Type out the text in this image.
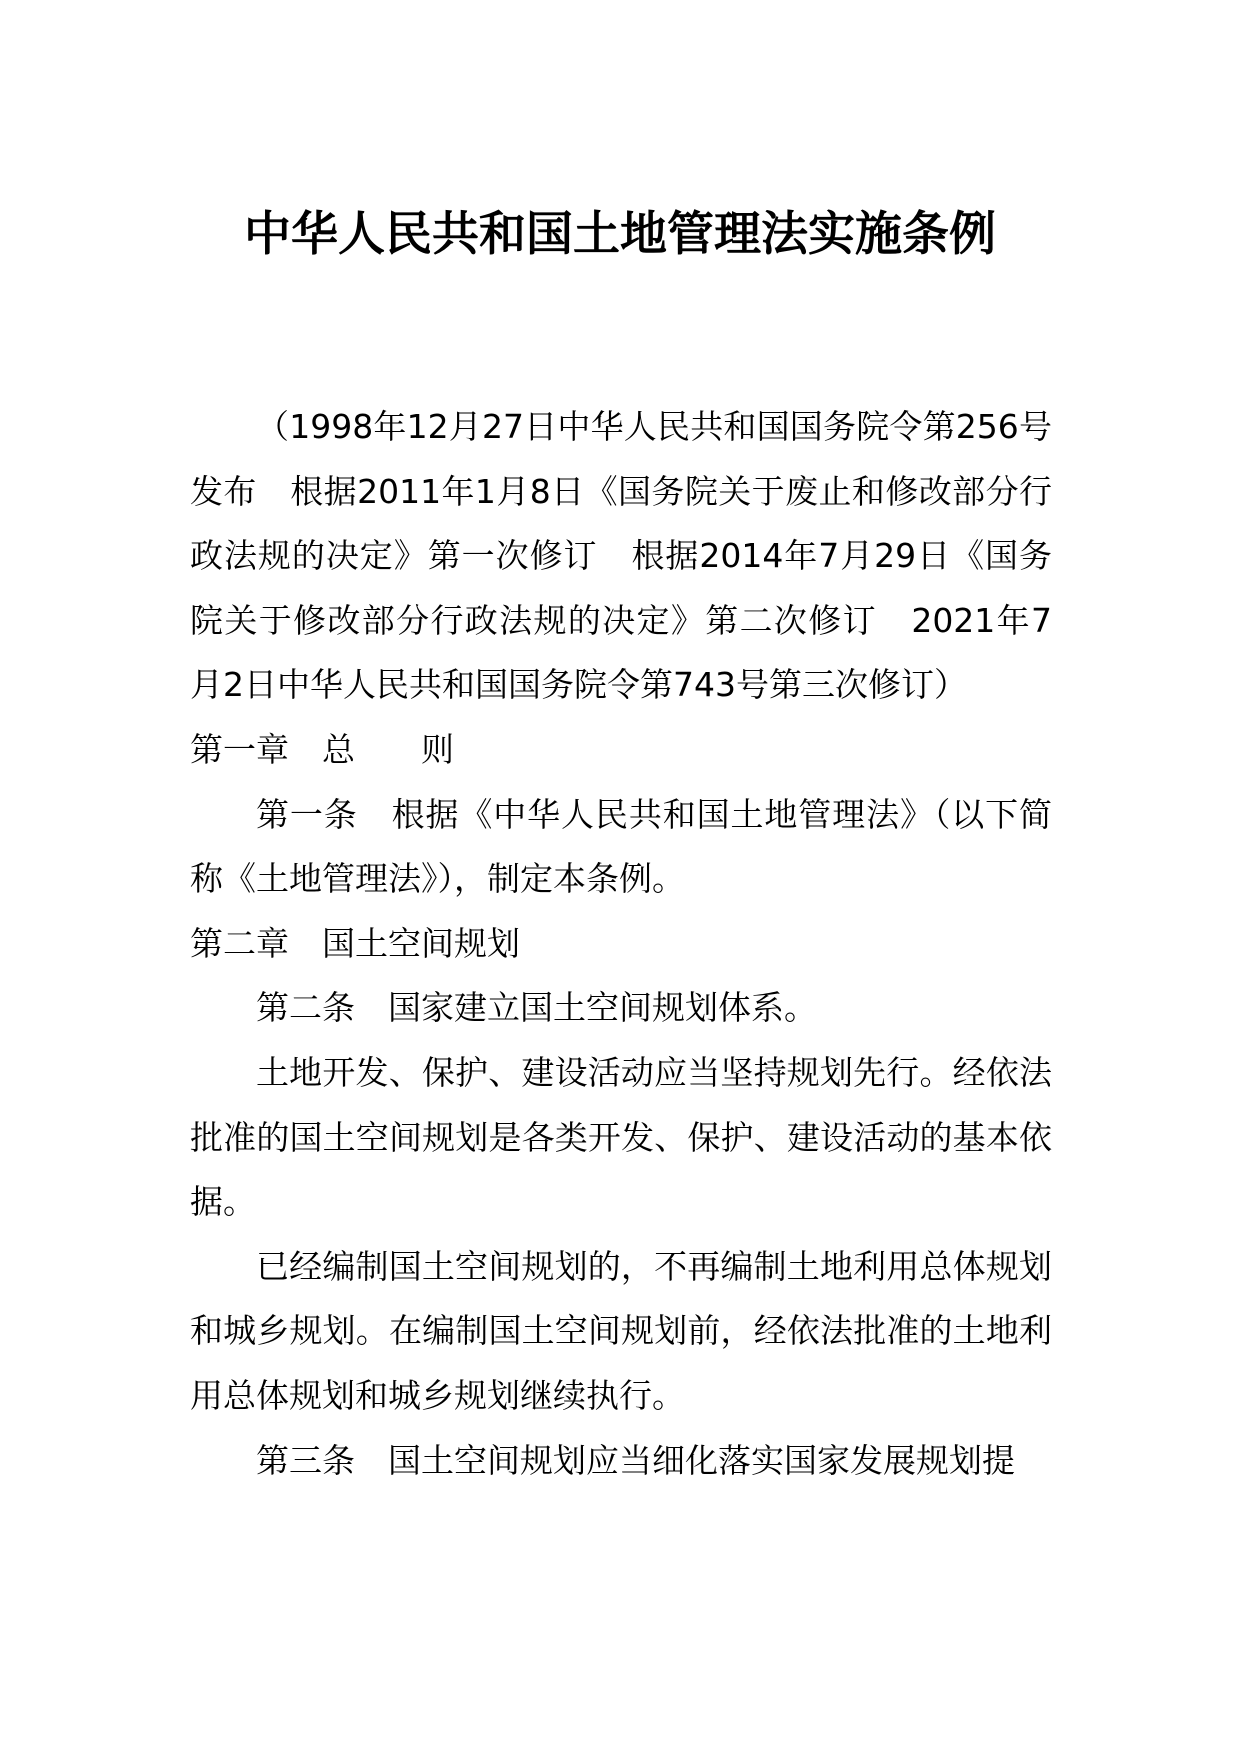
中华人民共和国土地管理法实施条例

（1998年12月27日中华人民共和国国务院令第256号发布　根据2011年1月8日《国务院关于废止和修改部分行政法规的决定》第一次修订　根据2014年7月29日《国务院关于修改部分行政法规的决定》第二次修订　2021年7月2日中华人民共和国国务院令第743号第三次修订）

第一章　 总　　则

第一条　 根据《中华人民共和国土地管理法》（以下简称《土地管理法》），制定本条例。

第二章　 国土空间规划

第二条　 国家建立国土空间规划体系。

土地开发、保护、建设活动应当坚持规划先行。经依法批准的国土空间规划是各类开发、保护、建设活动的基本依据。

已经编制国土空间规划的，不再编制土地利用总体规划和城乡规划。在编制国土空间规划前，经依法批准的土地利用总体规划和城乡规划继续执行。

第三条　 国土空间规划应当细化落实国家发展规划提
